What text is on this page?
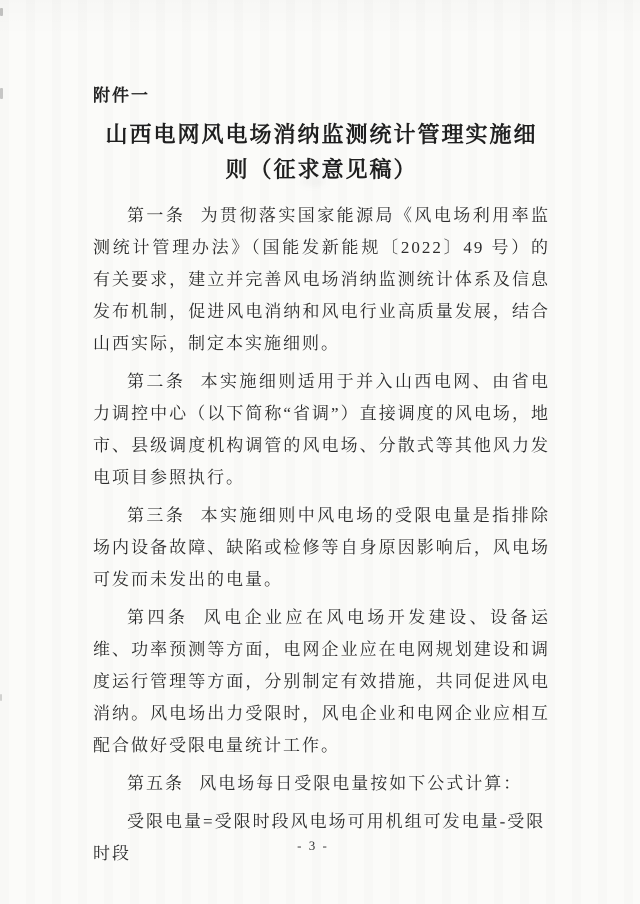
附件一
山西电网风电场消纳监测统计管理实施细
则（征求意见稿）

第一条 为贯彻落实国家能源局《风电场利用率监测统计管理办法》（国能发新能规〔2022〕49 号）的有关要求，建立并完善风电场消纳监测统计体系及信息发布机制，促进风电消纳和风电行业高质量发展，结合山西实际，制定本实施细则。

第二条 本实施细则适用于并入山西电网、由省电力调控中心（以下简称“省调”）直接调度的风电场，地市、县级调度机构调管的风电场、分散式等其他风力发电项目参照执行。

第三条 本实施细则中风电场的受限电量是指排除场内设备故障、缺陷或检修等自身原因影响后，风电场可发而未发出的电量。

第四条 风电企业应在风电场开发建设、设备运维、功率预测等方面，电网企业应在电网规划建设和调度运行管理等方面，分别制定有效措施，共同促进风电消纳。风电场出力受限时，风电企业和电网企业应相互配合做好受限电量统计工作。

第五条 风电场每日受限电量按如下公式计算：

受限电量=受限时段风电场可用机组可发电量-受限时段	- 3 -
